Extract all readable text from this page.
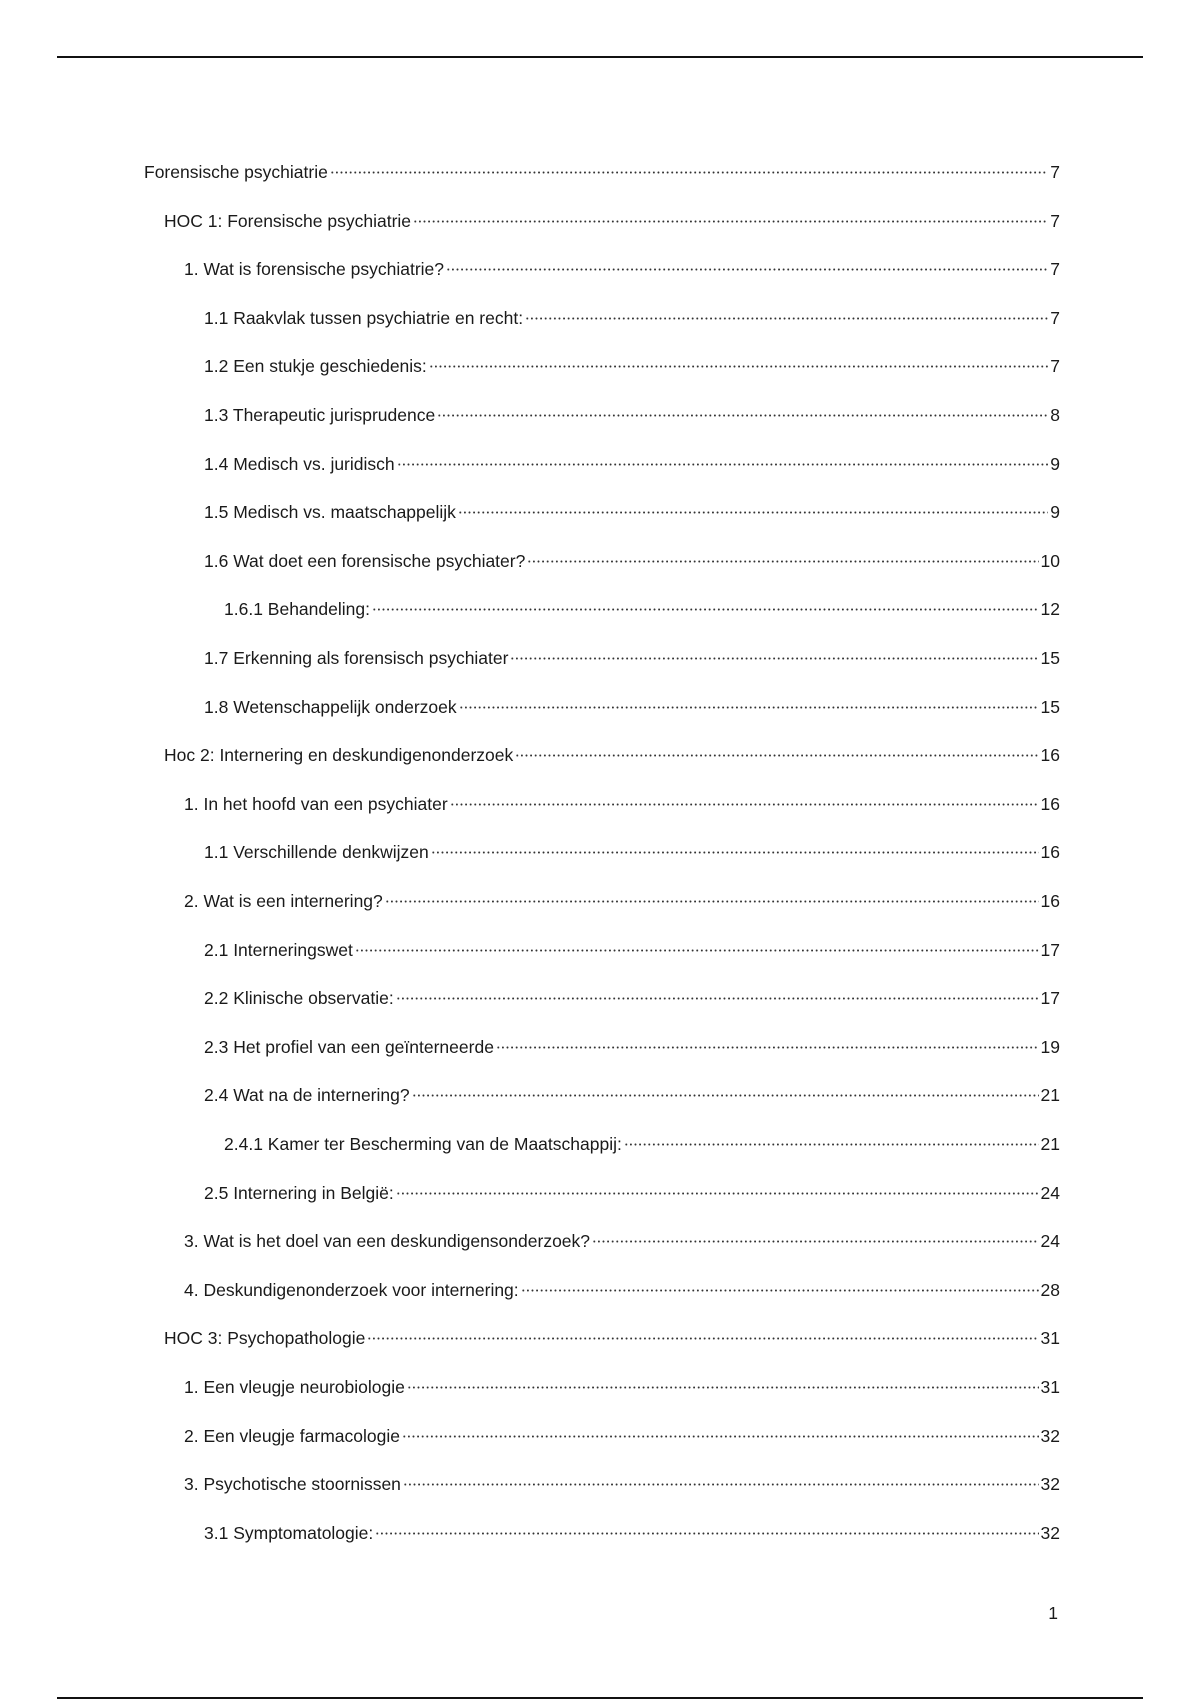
Forensische psychiatrie	7
HOC 1: Forensische psychiatrie	7
1. Wat is forensische psychiatrie?	7
1.1 Raakvlak tussen psychiatrie en recht:	7
1.2 Een stukje geschiedenis:	7
1.3 Therapeutic jurisprudence	8
1.4 Medisch vs. juridisch	9
1.5 Medisch vs. maatschappelijk	9
1.6 Wat doet een forensische psychiater?	10
1.6.1 Behandeling:	12
1.7 Erkenning als forensisch psychiater	15
1.8 Wetenschappelijk onderzoek	15
Hoc 2: Internering en deskundigenonderzoek	16
1. In het hoofd van een psychiater	16
1.1 Verschillende denkwijzen	16
2. Wat is een internering?	16
2.1 Interneringswet	17
2.2 Klinische observatie:	17
2.3 Het profiel van een geïnterneerde	19
2.4 Wat na de internering?	21
2.4.1 Kamer ter Bescherming van de Maatschappij:	21
2.5 Internering in België:	24
3. Wat is het doel van een deskundigensonderzoek?	24
4. Deskundigenonderzoek voor internering:	28
HOC 3: Psychopathologie	31
1. Een vleugje neurobiologie	31
2. Een vleugje farmacologie	32
3. Psychotische stoornissen	32
3.1 Symptomatologie:	32
1
